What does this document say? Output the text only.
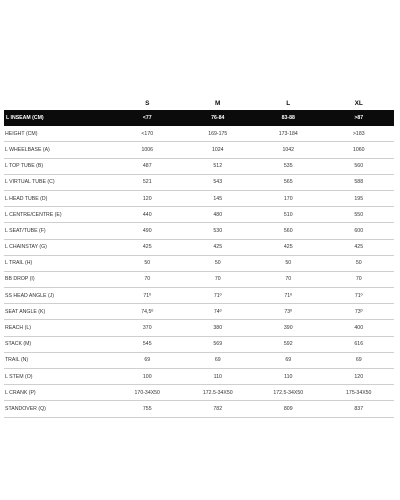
	S	M	L	XL
L INSEAM (CM)	<77	76-84	83-88	>87
HEIGHT (CM)	<170	169-175	173-184	>183
L WHEELBASE (A)	1006	1024	1042	1060
L TOP TUBE (B)	487	512	535	560
L VIRTUAL TUBE (C)	521	543	565	588
L HEAD TUBE (D)	120	145	170	195
L CENTRE/CENTRE (E)	440	480	510	550
L SEAT/TUBE (F)	490	530	560	600
L CHAINSTAY (G)	425	425	425	425
L TRAIL (H)	50	50	50	50
BB DROP (I)	70	70	70	70
SS HEAD ANGLE (J)	71º	71º	71º	71º
SEAT ANGLE (K)	74,5º	74º	73º	73º
REACH (L)	370	380	390	400
STACK (M)	545	569	592	616
TRAIL (N)	69	69	69	69
L STEM (O)	100	110	110	120
L CRANK (P)	170-34X50	172.5-34X50	172.5-34X50	175-34X50
STANDOVER (Q)	755	782	809	837
